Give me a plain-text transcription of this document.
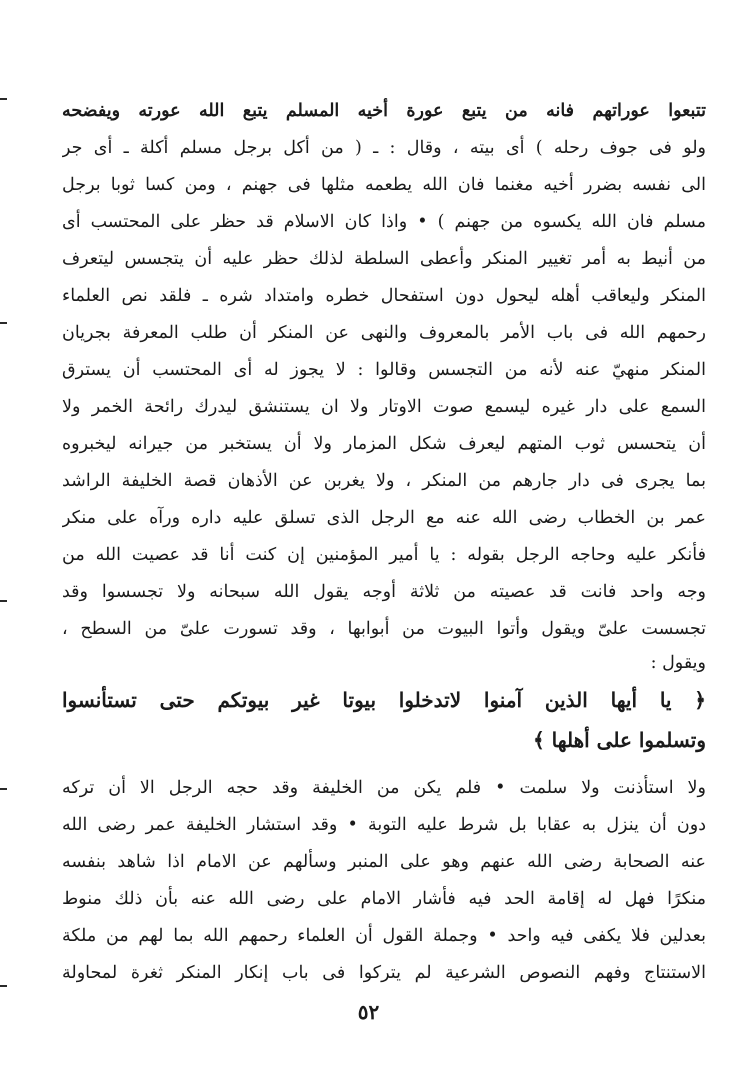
تتبعوا عوراتهم فانه من يتبع عورة أخيه المسلم يتبع الله عورته ويفضحه
ولو فى جوف رحله ) أى بيته ، وقال : ـ ( من أكل برجل مسلم أكلة ـ أى جر
الى نفسه بضرر أخيه مغنما فان الله يطعمه مثلها فى جهنم ، ومن كسا ثوبا برجل
مسلم فان الله يكسوه من جهنم ) • واذا كان الاسلام قد حظر على المحتسب أى
من أنيط به أمر تغيير المنكر وأعطى السلطة لذلك حظر عليه أن يتجسس ليتعرف
المنكر وليعاقب أهله ليحول دون استفحال خطره وامتداد شره ـ فلقد نص العلماء
رحمهم الله فى باب الأمر بالمعروف والنهى عن المنكر أن طلب المعرفة بجريان
المنكر منهيّ عنه لأنه من التجسس وقالوا : لا يجوز له أى المحتسب أن يسترق
السمع على دار غيره ليسمع صوت الاوتار ولا ان يستنشق ليدرك رائحة الخمر ولا
أن يتحسس ثوب المتهم ليعرف شكل المزمار ولا أن يستخبر من جيرانه ليخبروه
بما يجرى فى دار جارهم من المنكر ، ولا يغربن عن الأذهان قصة الخليفة الراشد
عمر بن الخطاب رضى الله عنه مع الرجل الذى تسلق عليه داره ورآه على منكر
فأنكر عليه وحاجه الرجل بقوله : يا أمير المؤمنين إن كنت أنا قد عصيت الله من
وجه واحد فانت قد عصيته من ثلاثة أوجه يقول الله سبحانه ولا تجسسوا وقد
تجسست علىّ ويقول وأتوا البيوت من أبوابها ، وقد تسورت علىّ من السطح ،
ويقول :
﴿ يا أيها الذين آمنوا لاتدخلوا بيوتا غير بيوتكم حتى تستأنسوا
وتسلموا على أهلها ﴾
ولا استأذنت ولا سلمت • فلم يكن من الخليفة وقد حجه الرجل الا أن تركه
دون أن ينزل به عقابا بل شرط عليه التوبة • وقد استشار الخليفة عمر رضى الله
عنه الصحابة رضى الله عنهم وهو على المنبر وسألهم عن الامام اذا شاهد بنفسه
منكرًا فهل له إقامة الحد فيه فأشار الامام على رضى الله عنه بأن ذلك منوط
بعدلين فلا يكفى فيه واحد • وجملة القول أن العلماء رحمهم الله بما لهم من ملكة
الاستنتاج وفهم النصوص الشرعية لم يتركوا فى باب إنكار المنكر ثغرة لمحاولة
٥٢
